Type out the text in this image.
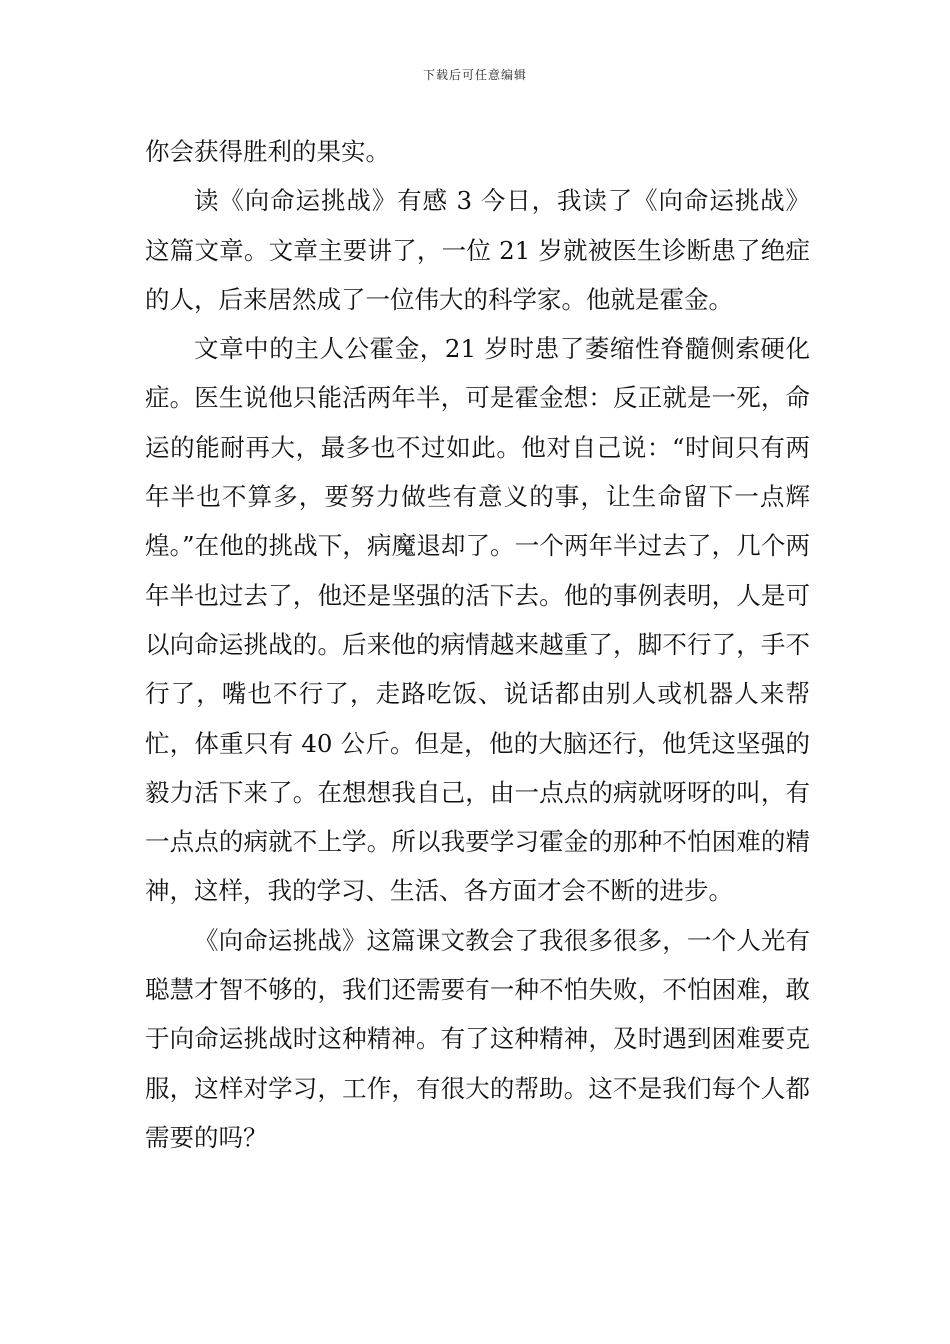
下载后可任意编辑

你会获得胜利的果实。

读《向命运挑战》有感 3 今日，我读了《向命运挑战》这篇文章。文章主要讲了，一位 21 岁就被医生诊断患了绝症的人，后来居然成了一位伟大的科学家。他就是霍金。

文章中的主人公霍金，21 岁时患了萎缩性脊髓侧索硬化症。医生说他只能活两年半，可是霍金想：反正就是一死，命运的能耐再大，最多也不过如此。他对自己说：“时间只有两年半也不算多，要努力做些有意义的事，让生命留下一点辉煌。”在他的挑战下，病魔退却了。一个两年半过去了，几个两年半也过去了，他还是坚强的活下去。他的事例表明，人是可以向命运挑战的。后来他的病情越来越重了，脚不行了，手不行了，嘴也不行了，走路吃饭、说话都由别人或机器人来帮忙，体重只有 40 公斤。但是，他的大脑还行，他凭这坚强的毅力活下来了。在想想我自己，由一点点的病就呀呀的叫，有一点点的病就不上学。所以我要学习霍金的那种不怕困难的精神，这样，我的学习、生活、各方面才会不断的进步。

《向命运挑战》这篇课文教会了我很多很多，一个人光有聪慧才智不够的，我们还需要有一种不怕失败，不怕困难，敢于向命运挑战时这种精神。有了这种精神，及时遇到困难要克服，这样对学习，工作，有很大的帮助。这不是我们每个人都需要的吗？
